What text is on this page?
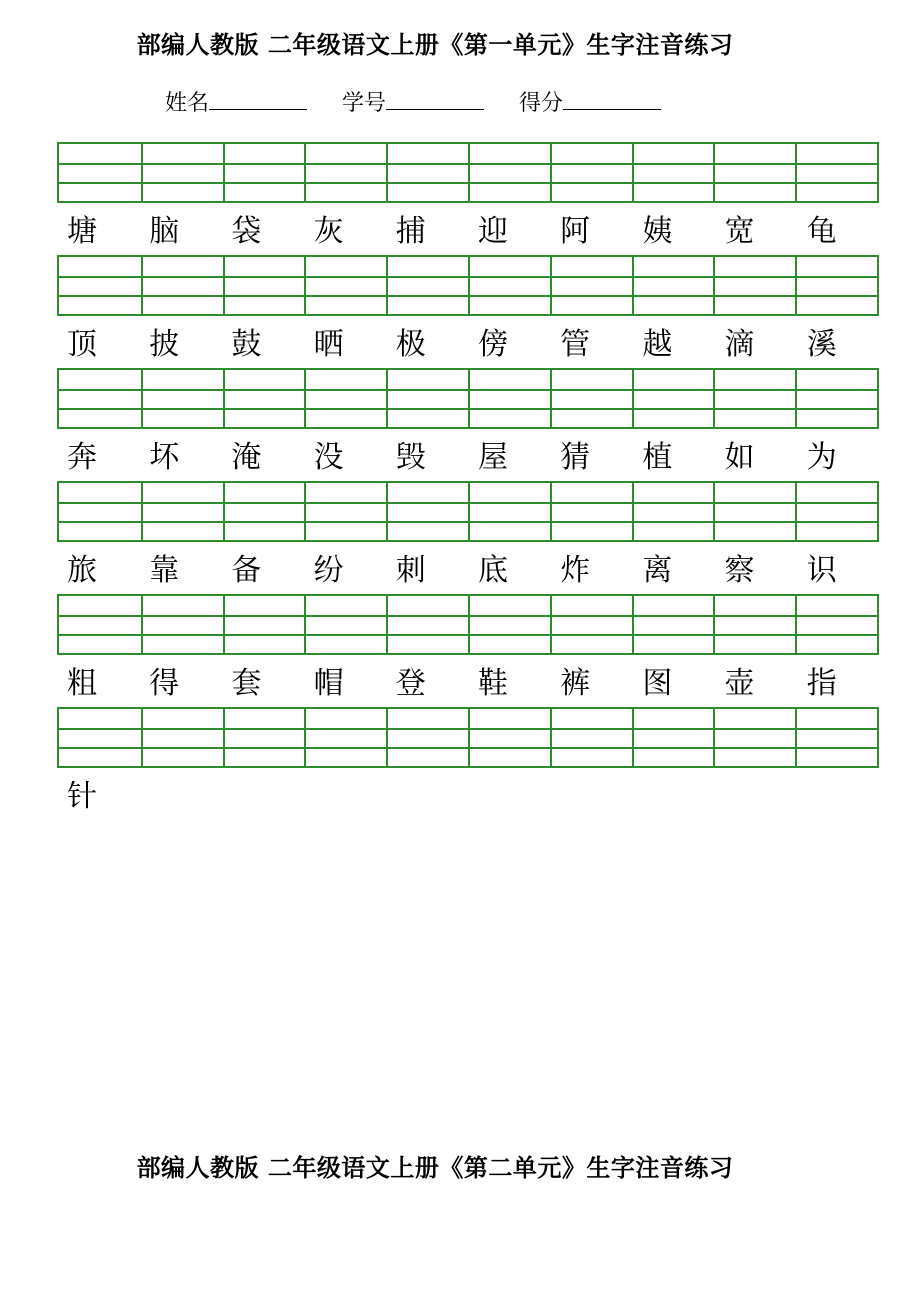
部编人教版 二年级语文上册《第一单元》生字注音练习
姓名	学号	得分
塘	脑	袋	灰	捕	迎	阿	姨	宽	龟
顶	披	鼓	晒	极	傍	管	越	滴	溪
奔	坏	淹	没	毁	屋	猜	植	如	为
旅	靠	备	纷	刺	底	炸	离	察	识
粗	得	套	帽	登	鞋	裤	图	壶	指
针
部编人教版 二年级语文上册《第二单元》生字注音练习
